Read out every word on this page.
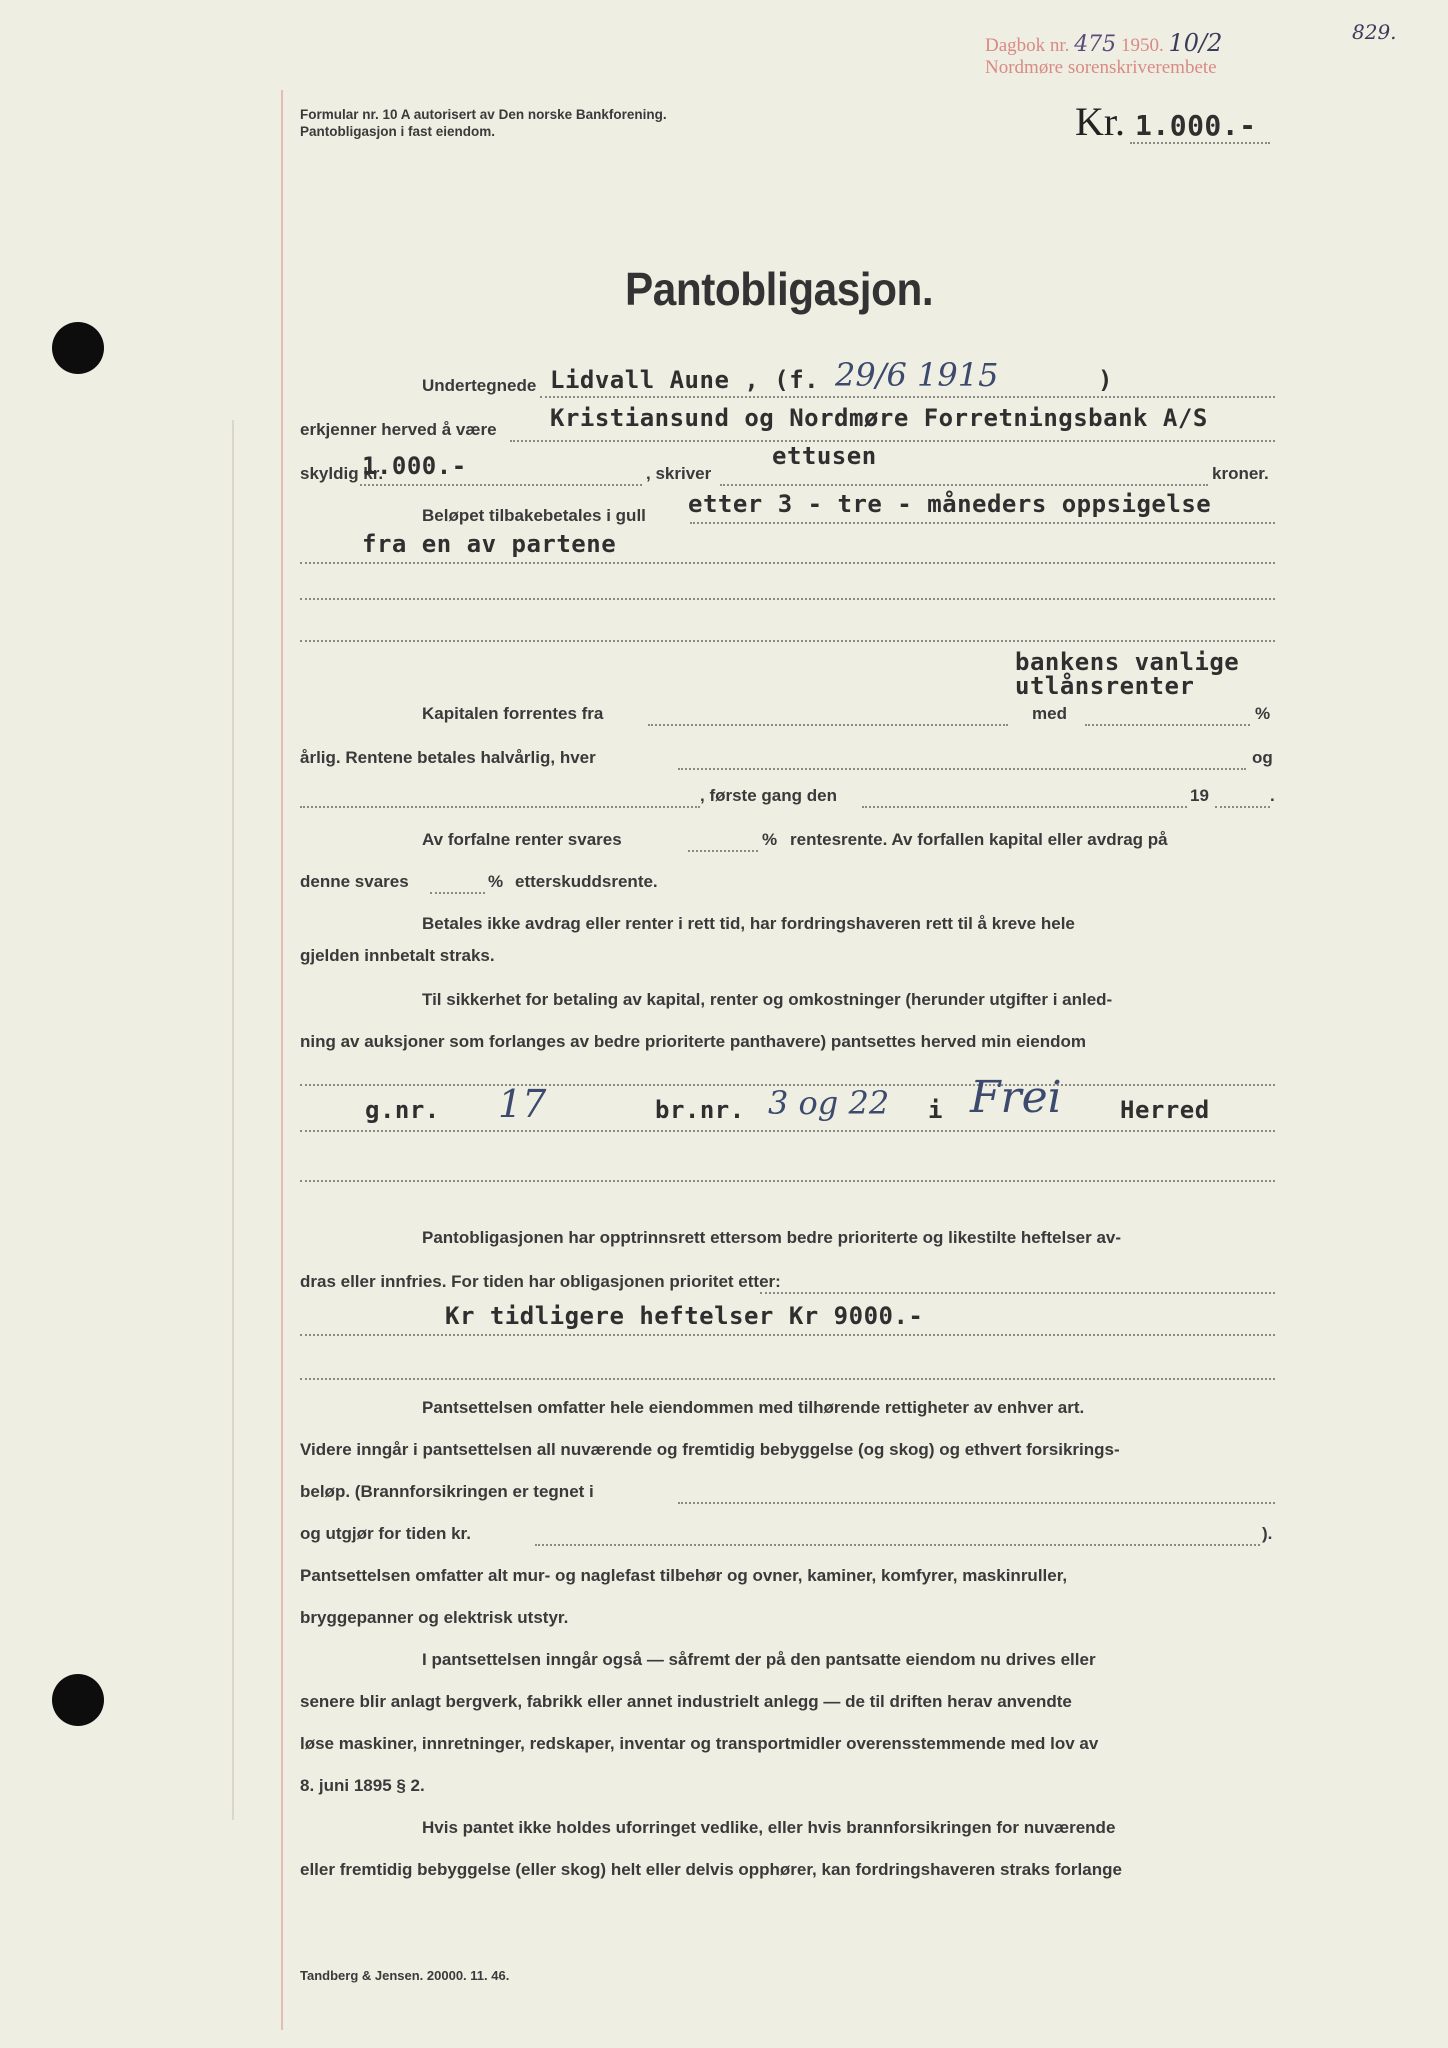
Dagbok nr. 475 1950. 10/2
Nordmøre sorenskriverembete
829.
Formular nr. 10 A autorisert av Den norske Bankforening.
Pantobligasjon i fast eiendom.	Kr. 1.000.-
Pantobligasjon.
Undertegnede Lidvall Aune , (f. 29/6 1915	)
erkjenner herved å være Kristiansund og Nordmøre Forretningsbank A/S
skyldig kr.
1.000.-	, skriver
ettusen
kroner.
Beløpet tilbakebetales i gull etter 3 - tre - måneders oppsigelse
fra en av partene
bankens vanlige
utlånsrenter
Kapitalen forrentes fra	med	%
årlig. Rentene betales halvårlig, hver	og
, første gang den	19	.
Av forfalne renter svares	% rentesrente. Av forfallen kapital eller avdrag på
denne svares	% etterskuddsrente.
Betales ikke avdrag eller renter i rett tid, har fordringshaveren rett til å kreve hele
gjelden innbetalt straks.
Til sikkerhet for betaling av kapital, renter og omkostninger (herunder utgifter i anled-
ning av auksjoner som forlanges av bedre prioriterte panthavere) pantsettes herved min eiendom
g.nr. 17	br.nr. 3 og 22 i Frei Herred
Pantobligasjonen har opptrinnsrett ettersom bedre prioriterte og likestilte heftelser av-
dras eller innfries. For tiden har obligasjonen prioritet etter:
Kr tidligere heftelser Kr 9000.-
Pantsettelsen omfatter hele eiendommen med tilhørende rettigheter av enhver art.
Videre inngår i pantsettelsen all nuværende og fremtidig bebyggelse (og skog) og ethvert forsikrings-
beløp. (Brannforsikringen er tegnet i
og utgjør for tiden kr.	).
Pantsettelsen omfatter alt mur- og naglefast tilbehør og ovner, kaminer, komfyrer, maskinruller,
bryggepanner og elektrisk utstyr.
I pantsettelsen inngår også — såfremt der på den pantsatte eiendom nu drives eller
senere blir anlagt bergverk, fabrikk eller annet industrielt anlegg — de til driften herav anvendte
løse maskiner, innretninger, redskaper, inventar og transportmidler overensstemmende med lov av
8. juni 1895 § 2.
Hvis pantet ikke holdes uforringet vedlike, eller hvis brannforsikringen for nuværende
eller fremtidig bebyggelse (eller skog) helt eller delvis opphører, kan fordringshaveren straks forlange
Tandberg & Jensen. 20000. 11. 46.
